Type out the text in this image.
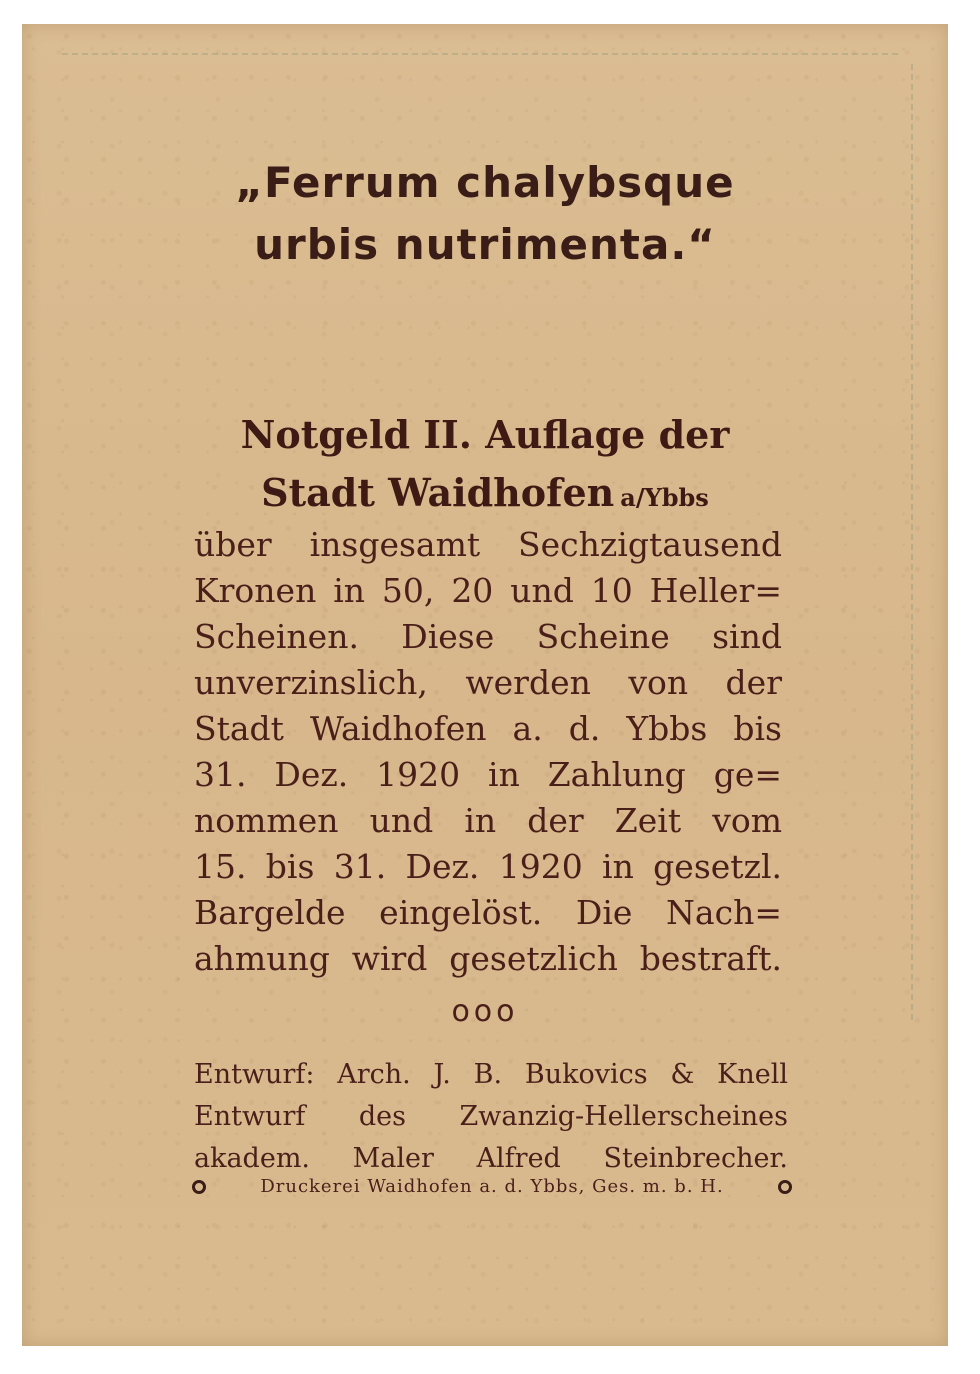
„Ferrum chalybsque
urbis nutrimenta.“
Notgeld II. Auflage der
Stadt Waidhofen a/Ybbs
über insgesamt Sechzigtausend
Kronen in 50, 20 und 10 Heller=
Scheinen. Diese Scheine sind
unverzinslich, werden von der
Stadt Waidhofen a. d. Ybbs bis
31. Dez. 1920 in Zahlung ge=
nommen und in der Zeit vom
15. bis 31. Dez. 1920 in gesetzl.
Bargelde eingelöst. Die Nach=
ahmung wird gesetzlich bestraft.
ooo
Entwurf: Arch. J. B. Bukovics & Knell
Entwurf des Zwanzig-Hellerscheines
akadem. Maler Alfred Steinbrecher.
Druckerei Waidhofen a. d. Ybbs, Ges. m. b. H.
